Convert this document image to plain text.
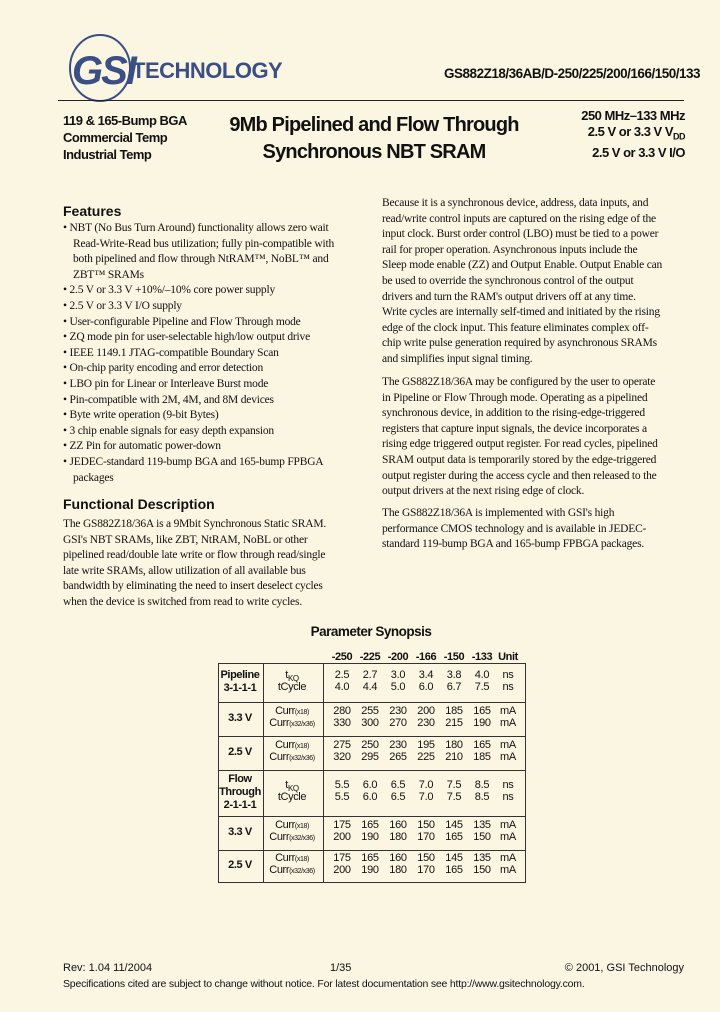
GSI
TECHNOLOGY	GS882Z18/36AB/D-250/225/200/166/150/133
119 & 165-Bump BGA
Commercial Temp
Industrial Temp
9Mb Pipelined and Flow Through
Synchronous NBT SRAM
250 MHz–133 MHz
2.5 V or 3.3 V $V_{DD}$
2.5 V or 3.3 V I/O
Features
• NBT (No Bus Turn Around) functionality allows zero wait
Read-Write-Read bus utilization; fully pin-compatible with
both pipelined and flow through NtRAM™, NoBL™ and
ZBT™ SRAMs
• 2.5 V or 3.3 V +10%/–10% core power supply
• 2.5 V or 3.3 V I/O supply
• User-configurable Pipeline and Flow Through mode
• ZQ mode pin for user-selectable high/low output drive
• IEEE 1149.1 JTAG-compatible Boundary Scan
• On-chip parity encoding and error detection
• LBO pin for Linear or Interleave Burst mode
• Pin-compatible with 2M, 4M, and 8M devices
• Byte write operation (9-bit Bytes)
• 3 chip enable signals for easy depth expansion
• ZZ Pin for automatic power-down
• JEDEC-standard 119-bump BGA and 165-bump FPBGA
packages
Functional Description
The GS882Z18/36A is a 9Mbit Synchronous Static SRAM.
GSI's NBT SRAMs, like ZBT, NtRAM, NoBL or other
pipelined read/double late write or flow through read/single
late write SRAMs, allow utilization of all available bus
bandwidth by eliminating the need to insert deselect cycles
when the device is switched from read to write cycles.
Because it is a synchronous device, address, data inputs, and
read/write control inputs are captured on the rising edge of the
input clock. Burst order control (LBO) must be tied to a power
rail for proper operation. Asynchronous inputs include the
Sleep mode enable (ZZ) and Output Enable. Output Enable can
be used to override the synchronous control of the output
drivers and turn the RAM's output drivers off at any time.
Write cycles are internally self-timed and initiated by the rising
edge of the clock input. This feature eliminates complex off-
chip write pulse generation required by asynchronous SRAMs
and simplifies input signal timing.
The GS882Z18/36A may be configured by the user to operate
in Pipeline or Flow Through mode. Operating as a pipelined
synchronous device, in addition to the rising-edge-triggered
registers that capture input signals, the device incorporates a
rising edge triggered output register. For read cycles, pipelined
SRAM output data is temporarily stored by the edge-triggered
output register during the access cycle and then released to the
output drivers at the next rising edge of clock.
The GS882Z18/36A is implemented with GSI's high
performance CMOS technology and is available in JEDEC-
standard 119-bump BGA and 165-bump FPBGA packages.
Parameter Synopsis
-250 -225 -200 -166 -150 -133 Unit
Pipeline
3-1-1-1
$t_{KQ}$	2.5	2.7	3.0	3.4	3.8	4.0	ns
tCycle	4.0	4.4	5.0	6.0	6.7	7.5	ns
3.3 V
Curr(x18)	280 255 230 200 185 165 mA
Curr(x32/x36)	330 300 270 230 215 190 mA
2.5 V
Curr(x18)	275 250 230 195 180 165 mA
Curr(x32/x36)	320 295 265 225 210 185 mA
Flow
Through
2-1-1-1
$t_{KQ}$	5.5	6.0	6.5	7.0	7.5	8.5	ns
tCycle	5.5	6.0	6.5	7.0	7.5	8.5	ns
3.3 V
Curr(x18)	175 165 160 150 145 135 mA
Curr(x32/x36)	200 190 180 170 165 150 mA
2.5 V
Curr(x18)	175 165 160 150 145 135 mA
Curr(x32/x36)	200 190 180 170 165 150 mA
Rev: 1.04 11/2004	1/35	© 2001, GSI Technology
Specifications cited are subject to change without notice. For latest documentation see http://www.gsitechnology.com.
